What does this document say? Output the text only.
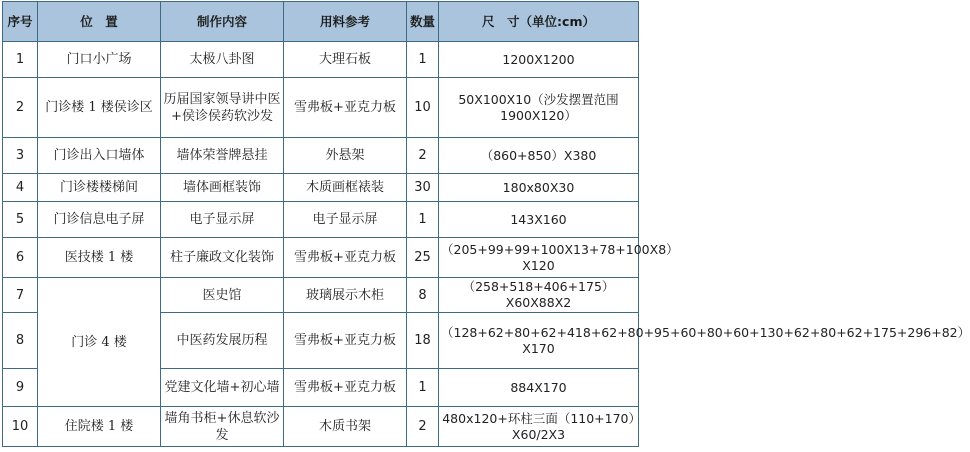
序号	位　置	制作内容	用料参考	数量	尺　寸（单位:cm）
1	门口小广场	太极八卦图	大理石板	1	1200X1200
2	门诊楼 1 楼侯诊区	历届国家领导讲中医+侯诊侯药软沙发	雪弗板+亚克力板	10	50X100X10（沙发摆置范围 1900X120）
3	门诊出入口墙体	墙体荣誉牌悬挂	外悬架	2	（860+850）X380
4	门诊楼楼梯间	墙体画框装饰	木质画框裱装	30	180x80X30
5	门诊信息电子屏	电子显示屏	电子显示屏	1	143X160
6	医技楼 1 楼	柱子廉政文化装饰	雪弗板+亚克力板	25	（205+99+99+100X13+78+100X8）X120
7	门诊 4 楼	医史馆	玻璃展示木柜	8	（258+518+406+175）X60X88X2
8		中医药发展历程	雪弗板+亚克力板	18	（128+62+80+62+418+62+80+95+60+80+60+130+62+80+62+175+296+82）X170
9		党建文化墙+初心墙	雪弗板+亚克力板	1	884X170
10	住院楼 1 楼	墙角书柜+休息软沙发	木质书架	2	480x120+环柱三面（110+170）X60/2X3
